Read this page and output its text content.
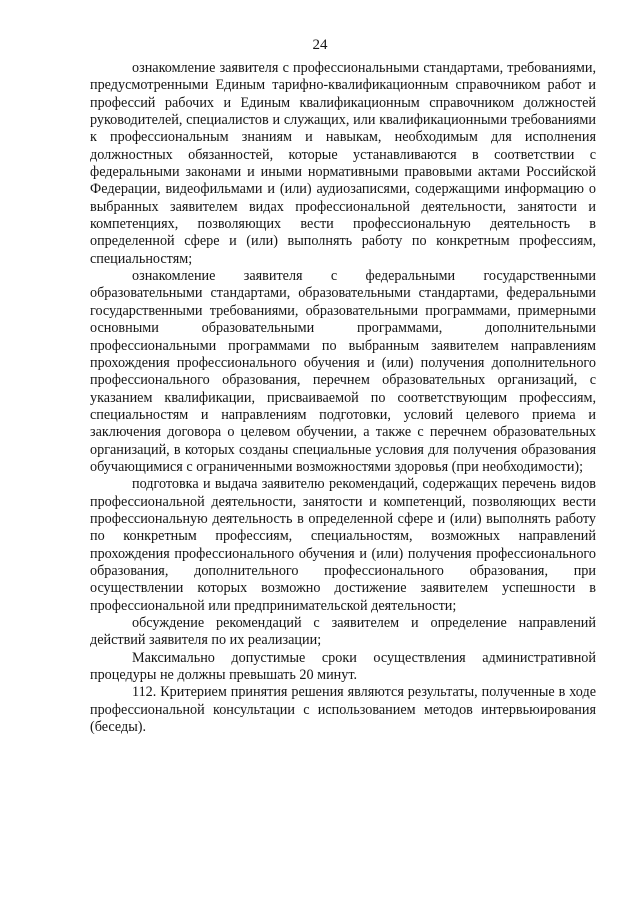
24

ознакомление заявителя с профессиональными стандартами, требованиями, предусмотренными Единым тарифно-квалификационным справочником работ и профессий рабочих и Единым квалификационным справочником должностей руководителей, специалистов и служащих, или квалификационными требованиями к профессиональным знаниям и навыкам, необходимым для исполнения должностных обязанностей, которые устанавливаются в соответствии с федеральными законами и иными нормативными правовыми актами Российской Федерации, видеофильмами и (или) аудиозаписями, содержащими информацию о выбранных заявителем видах профессиональной деятельности, занятости и компетенциях, позволяющих вести профессиональную деятельность в определенной сфере и (или) выполнять работу по конкретным профессиям, специальностям;

ознакомление заявителя с федеральными государственными образовательными стандартами, образовательными стандартами, федеральными государственными требованиями, образовательными программами, примерными основными образовательными программами, дополнительными профессиональными программами по выбранным заявителем направлениям прохождения профессионального обучения и (или) получения дополнительного профессионального образования, перечнем образовательных организаций, с указанием квалификации, присваиваемой по соответствующим профессиям, специальностям и направлениям подготовки, условий целевого приема и заключения договора о целевом обучении, а также с перечнем образовательных организаций, в которых созданы специальные условия для получения образования обучающимися с ограниченными возможностями здоровья (при необходимости);

подготовка и выдача заявителю рекомендаций, содержащих перечень видов профессиональной деятельности, занятости и компетенций, позволяющих вести профессиональную деятельность в определенной сфере и (или) выполнять работу по конкретным профессиям, специальностям, возможных направлений прохождения профессионального обучения и (или) получения профессионального образования, дополнительного профессионального образования, при осуществлении которых возможно достижение заявителем успешности в профессиональной или предпринимательской деятельности;

обсуждение рекомендаций с заявителем и определение направлений действий заявителя по их реализации;

Максимально допустимые сроки осуществления административной процедуры не должны превышать 20 минут.

112. Критерием принятия решения являются результаты, полученные в ходе профессиональной консультации с использованием методов интервьюирования (беседы).
